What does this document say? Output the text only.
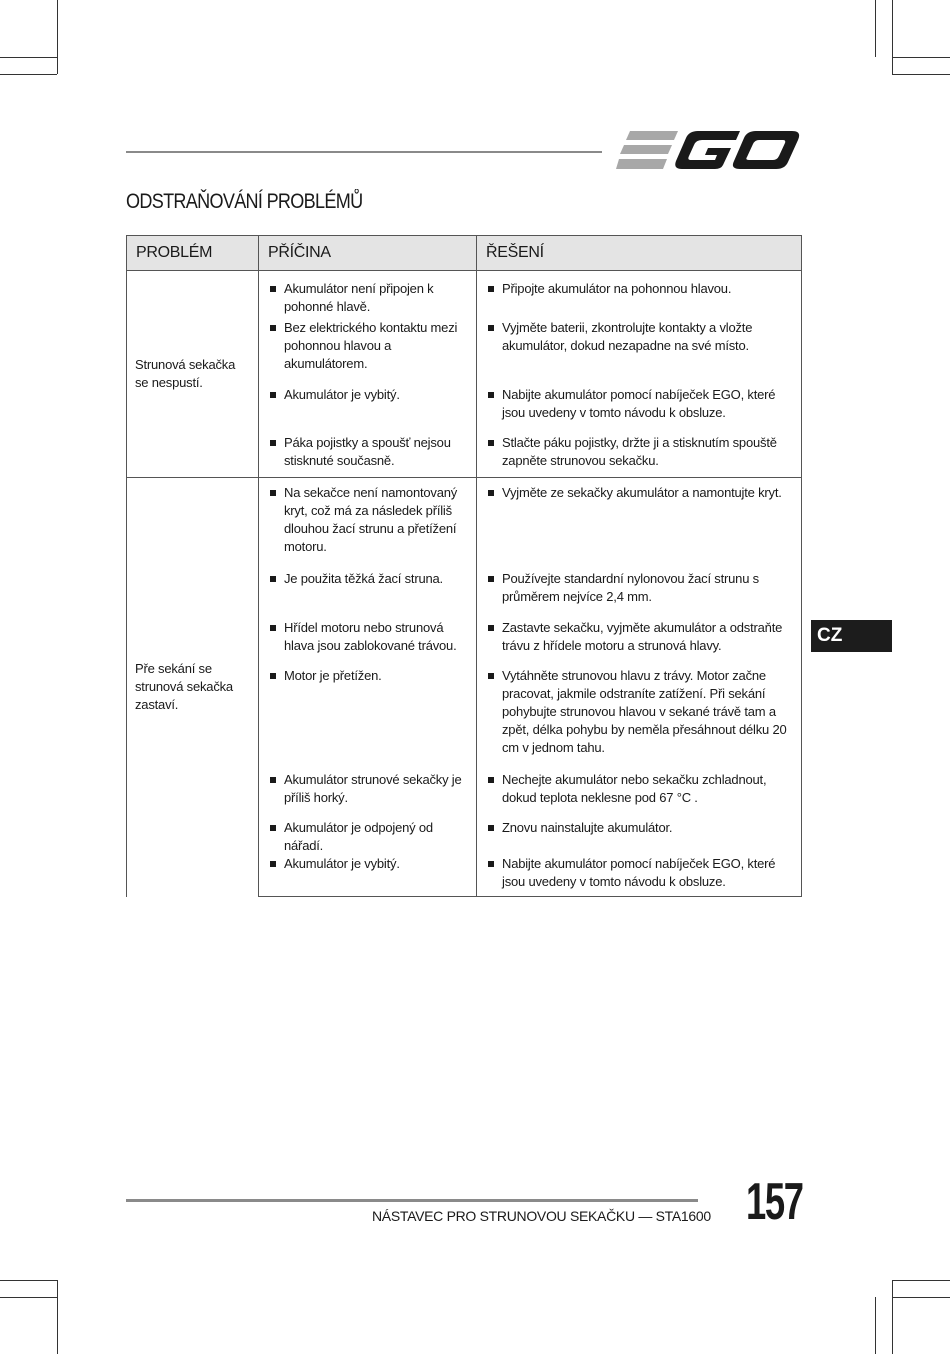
ODSTRAŇOVÁNÍ PROBLÉMŮ
PROBLÉM	PŘÍČINA	ŘEŠENÍ
Strunová sekačka se nespustí.	Akumulátor není připojen k pohonné hlavě.	Připojte akumulátor na pohonnou hlavou.

Bez elektrického kontaktu mezi pohonnou hlavou a akumulátorem.	Vyjměte baterii, zkontrolujte kontakty a vložte akumulátor, dokud nezapadne na své místo.

Akumulátor je vybitý.	Nabijte akumulátor pomocí nabíječek EGO, které jsou uvedeny v tomto návodu k obsluze.

Páka pojistky a spoušť nejsou stisknuté současně.	Stlačte páku pojistky, držte ji a stisknutím spouště zapněte strunovou sekačku.

Pře sekání se strunová sekačka zastaví.	Na sekačce není namontovaný kryt, což má za následek příliš dlouhou žací strunu a přetížení motoru.	Vyjměte ze sekačky akumulátor a namontujte kryt.

Je použita těžká žací struna.	Používejte standardní nylonovou žací strunu s průměrem nejvíce 2,4 mm.

Hřídel motoru nebo strunová hlava jsou zablokované trávou.	Zastavte sekačku, vyjměte akumulátor a odstraňte trávu z hřídele motoru a strunová hlavy.

Motor je přetížen.	Vytáhněte strunovou hlavu z trávy. Motor začne pracovat, jakmile odstraníte zatížení. Při sekání pohybujte strunovou hlavou v sekané trávě tam a zpět, délka pohybu by neměla přesáhnout délku 20 cm v jednom tahu.

Akumulátor strunové sekačky je příliš horký.	Nechejte akumulátor nebo sekačku zchladnout, dokud teplota neklesne pod 67 °C .

Akumulátor je odpojený od nářadí.	Znovu nainstalujte akumulátor.

Akumulátor je vybitý.	Nabijte akumulátor pomocí nabíječek EGO, které jsou uvedeny v tomto návodu k obsluze.
CZ
NÁSTAVEC PRO STRUNOVOU SEKAČKU — STA1600 157
